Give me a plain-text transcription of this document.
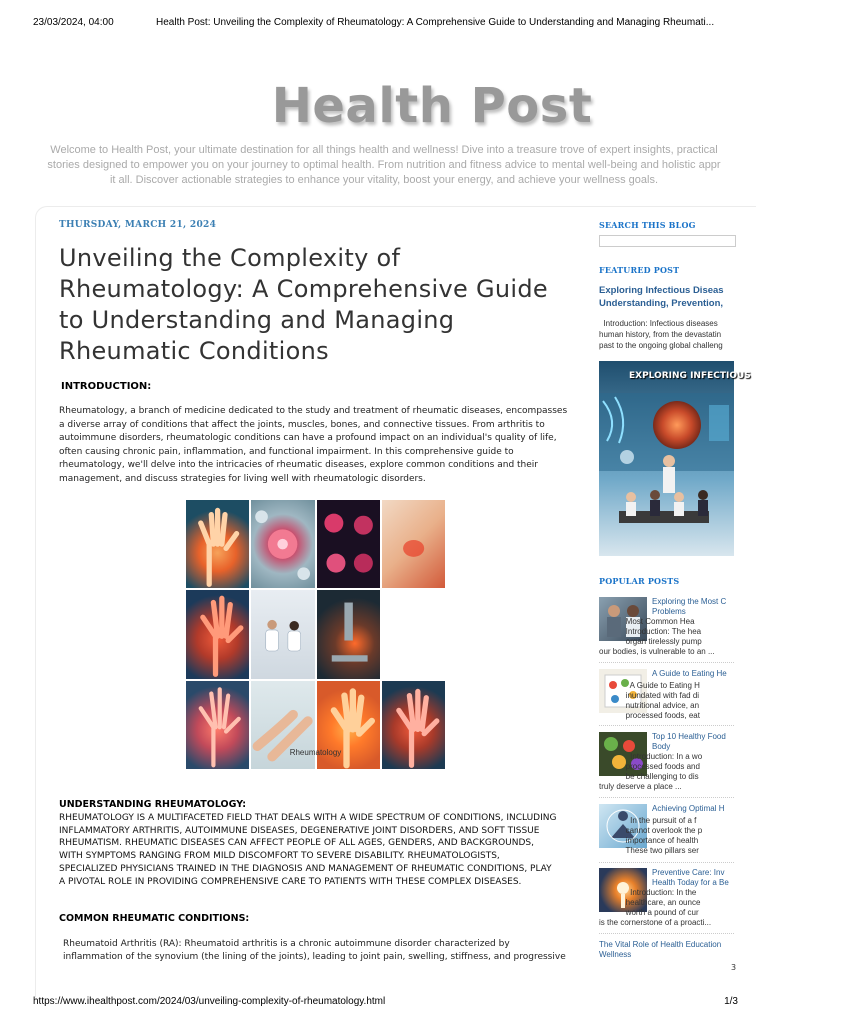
23/03/2024, 04:00	Health Post: Unveiling the Complexity of Rheumatology: A Comprehensive Guide to Understanding and Managing Rheumati...
Health Post
Welcome to Health Post, your ultimate destination for all things health and wellness! Dive into a treasure trove of expert insights, practical
stories designed to empower you on your journey to optimal health. From nutrition and fitness advice to mental well-being and holistic appr
it all. Discover actionable strategies to enhance your vitality, boost your energy, and achieve your wellness goals.
THURSDAY, MARCH 21, 2024
Unveiling the Complexity of Rheumatology: A Comprehensive Guide to Understanding and Managing Rheumatic Conditions
INTRODUCTION:

Rheumatology, a branch of medicine dedicated to the study and treatment of rheumatic diseases, encompasses a diverse array of conditions that affect the joints, muscles, bones, and connective tissues. From arthritis to autoimmune disorders, rheumatologic conditions can have a profound impact on an individual's quality of life, often causing chronic pain, inflammation, and functional impairment. In this comprehensive guide to rheumatology, we'll delve into the intricacies of rheumatic diseases, explore common conditions and their management, and discuss strategies for living well with rheumatologic disorders.

Rheumatology
UNDERSTANDING RHEUMATOLOGY:

RHEUMATOLOGY IS A MULTIFACETED FIELD THAT DEALS WITH A WIDE SPECTRUM OF CONDITIONS, INCLUDING INFLAMMATORY ARTHRITIS, AUTOIMMUNE DISEASES, DEGENERATIVE JOINT DISORDERS, AND SOFT TISSUE RHEUMATISM. RHEUMATIC DISEASES CAN AFFECT PEOPLE OF ALL AGES, GENDERS, AND BACKGROUNDS, WITH SYMPTOMS RANGING FROM MILD DISCOMFORT TO SEVERE DISABILITY. RHEUMATOLOGISTS, SPECIALIZED PHYSICIANS TRAINED IN THE DIAGNOSIS AND MANAGEMENT OF RHEUMATIC CONDITIONS, PLAY A PIVOTAL ROLE IN PROVIDING COMPREHENSIVE CARE TO PATIENTS WITH THESE COMPLEX DISEASES.

COMMON RHEUMATIC CONDITIONS:
Rheumatoid Arthritis (RA): Rheumatoid arthritis is a chronic autoimmune disorder characterized by
inflammation of the synovium (the lining of the joints), leading to joint pain, swelling, stiffness, and progressive
SEARCH THIS BLOG
FEATURED POST
Exploring Infectious Diseas
Understanding, Prevention,
Introduction: Infectious diseases
human history, from the devastatin
past to the ongoing global challeng
EXPLORING INFECTIOUS
POPULAR POSTS
Exploring the Most C
Problems
Most Common Hea
Introduction: The hea
organ tirelessly pump
our bodies, is vulnerable to an ...
A Guide to Eating He
A Guide to Eating H
inundated with fad di
nutritional advice, an
processed foods, eat
Top 10 Healthy Food
Body
Introduction: In a wo
processed foods and
be challenging to dis
truly deserve a place ...
Achieving Optimal H
In the pursuit of a f
cannot overlook the p
importance of health
These two pillars ser
Preventive Care: Inv
Health Today for a Be
Introduction: In the
healthcare, an ounce
worth a pound of cur
is the cornerstone of a proacti...
The Vital Role of Health Education
Wellness
3
https://www.ihealthpost.com/2024/03/unveiling-complexity-of-rheumatology.html	1/3
